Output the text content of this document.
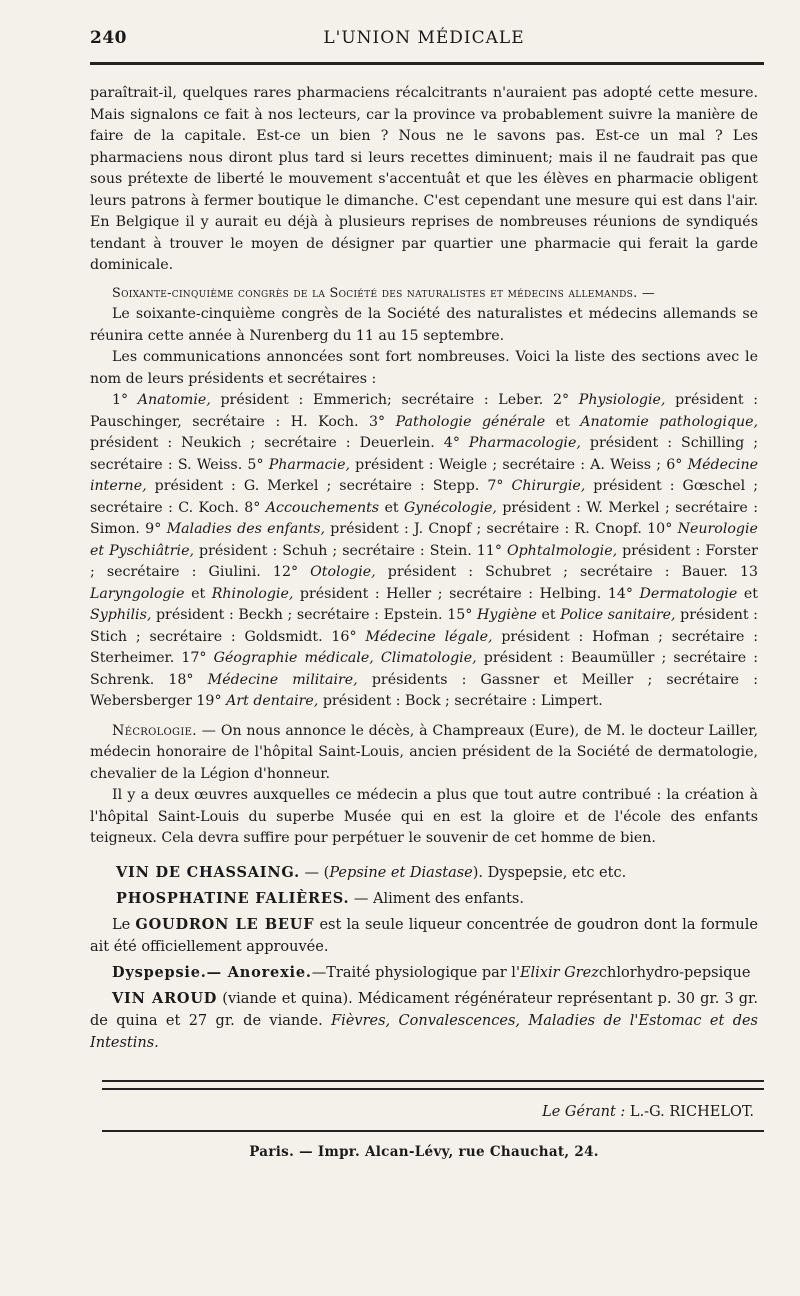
240	L'UNION MÉDICALE

paraîtrait-il, quelques rares pharmaciens récalcitrants n'auraient pas adopté cette mesure. Mais signalons ce fait à nos lecteurs, car la province va probablement suivre la manière de faire de la capitale. Est-ce un bien ? Nous ne le savons pas. Est-ce un mal ? Les pharmaciens nous diront plus tard si leurs recettes diminuent; mais il ne faudrait pas que sous prétexte de liberté le mouvement s'accentuât et que les élèves en pharmacie obligent leurs patrons à fermer boutique le dimanche. C'est cependant une mesure qui est dans l'air. En Belgique il y aurait eu déjà à plusieurs reprises de nombreuses réunions de syndiqués tendant à trouver le moyen de désigner par quartier une pharmacie qui ferait la garde dominicale.

Soixante-cinquième congrès de la Société des naturalistes et médecins allemands. —

Le soixante-cinquième congrès de la Société des naturalistes et médecins allemands se réunira cette année à Nurenberg du 11 au 15 septembre.

Les communications annoncées sont fort nombreuses. Voici la liste des sections avec le nom de leurs présidents et secrétaires :

1° Anatomie, président : Emmerich; secrétaire : Leber. 2° Physiologie, président : Pauschinger, secrétaire : H. Koch. 3° Pathologie générale et Anatomie pathologique, président : Neukich ; secrétaire : Deuerlein. 4° Pharmacologie, président : Schilling ; secrétaire : S. Weiss. 5° Pharmacie, président : Weigle ; secrétaire : A. Weiss ; 6° Médecine interne, président : G. Merkel ; secrétaire : Stepp. 7° Chirurgie, président : Gœschel ; secrétaire : C. Koch. 8° Accouchements et Gynécologie, président : W. Merkel ; secrétaire : Simon. 9° Maladies des enfants, président : J. Cnopf ; secrétaire : R. Cnopf. 10° Neurologie et Pyschiâtrie, président : Schuh ; secrétaire : Stein. 11° Ophtalmologie, président : Forster ; secrétaire : Giulini. 12° Otologie, président : Schubret ; secrétaire : Bauer. 13 Laryngologie et Rhinologie, président : Heller ; secrétaire : Helbing. 14° Dermatologie et Syphilis, président : Beckh ; secrétaire : Epstein. 15° Hygiène et Police sanitaire, président : Stich ; secrétaire : Goldsmidt. 16° Médecine légale, président : Hofman ; secrétaire : Sterheimer. 17° Géographie médicale, Climatologie, président : Beaumüller ; secrétaire : Schrenk. 18° Médecine militaire, présidents : Gassner et Meiller ; secrétaire : Webersberger 19° Art dentaire, président : Bock ; secrétaire : Limpert.

Nécrologie. — On nous annonce le décès, à Champreaux (Eure), de M. le docteur Lailler, médecin honoraire de l'hôpital Saint-Louis, ancien président de la Société de dermatologie, chevalier de la Légion d'honneur.

Il y a deux œuvres auxquelles ce médecin a plus que tout autre contribué : la création à l'hôpital Saint-Louis du superbe Musée qui en est la gloire et de l'école des enfants teigneux. Cela devra suffire pour perpétuer le souvenir de cet homme de bien.

VIN DE CHASSAING. — (Pepsine et Diastase). Dyspepsie, etc etc.

PHOSPHATINE FALIÈRES. — Aliment des enfants.

Le GOUDRON LE BEUF est la seule liqueur concentrée de goudron dont la formule ait été officiellement approuvée.

Dyspepsie.— Anorexie.—Traité physiologique par l'Elixir Grezchlorhydro-pepsique

VIN AROUD (viande et quina). Médicament régénérateur représentant p. 30 gr. 3 gr. de quina et 27 gr. de viande. Fièvres, Convalescences, Maladies de l'Estomac et des Intestins.

Le Gérant : L.-G. RICHELOT.
Paris. — Impr. Alcan-Lévy, rue Chauchat, 24.
